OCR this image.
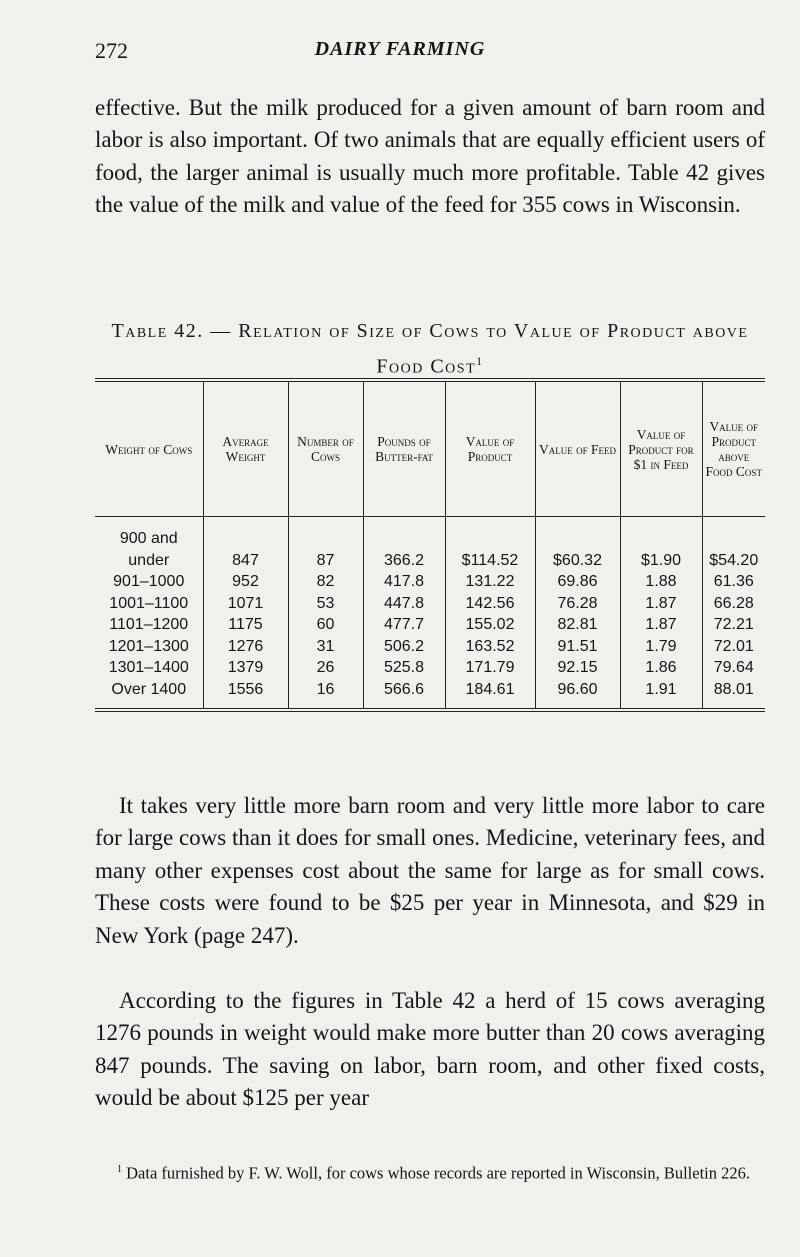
272	DAIRY FARMING

effective. But the milk produced for a given amount of barn room and labor is also important. Of two animals that are equally efficient users of food, the larger animal is usually much more profitable. Table 42 gives the value of the milk and value of the feed for 355 cows in Wisconsin.

Table 42. — Relation of Size of Cows to Value of Product above Food Cost$^1$

Weight of Cows	Average Weight	Number of Cows	Pounds of Butter-fat	Value of Product	Value of Feed	Value of Product for $1 in Feed	Value of Product above Food Cost

900 and
under	847	87	366.2	$114.52	$60.32	$1.90	$54.20
901–1000	952	82	417.8	131.22	69.86	1.88	61.36
1001–1100	1071	53	447.8	142.56	76.28	1.87	66.28
1101–1200	1175	60	477.7	155.02	82.81	1.87	72.21
1201–1300	1276	31	506.2	163.52	91.51	1.79	72.01
1301–1400	1379	26	525.8	171.79	92.15	1.86	79.64
Over 1400	1556	16	566.6	184.61	96.60	1.91	88.01

It takes very little more barn room and very little more labor to care for large cows than it does for small ones. Medicine, veterinary fees, and many other expenses cost about the same for large as for small cows. These costs were found to be $25 per year in Minnesota, and $29 in New York (page 247).

According to the figures in Table 42 a herd of 15 cows averaging 1276 pounds in weight would make more butter than 20 cows averaging 847 pounds. The saving on labor, barn room, and other fixed costs, would be about $125 per year

$^1$ Data furnished by F. W. Woll, for cows whose records are reported in Wisconsin, Bulletin 226.
